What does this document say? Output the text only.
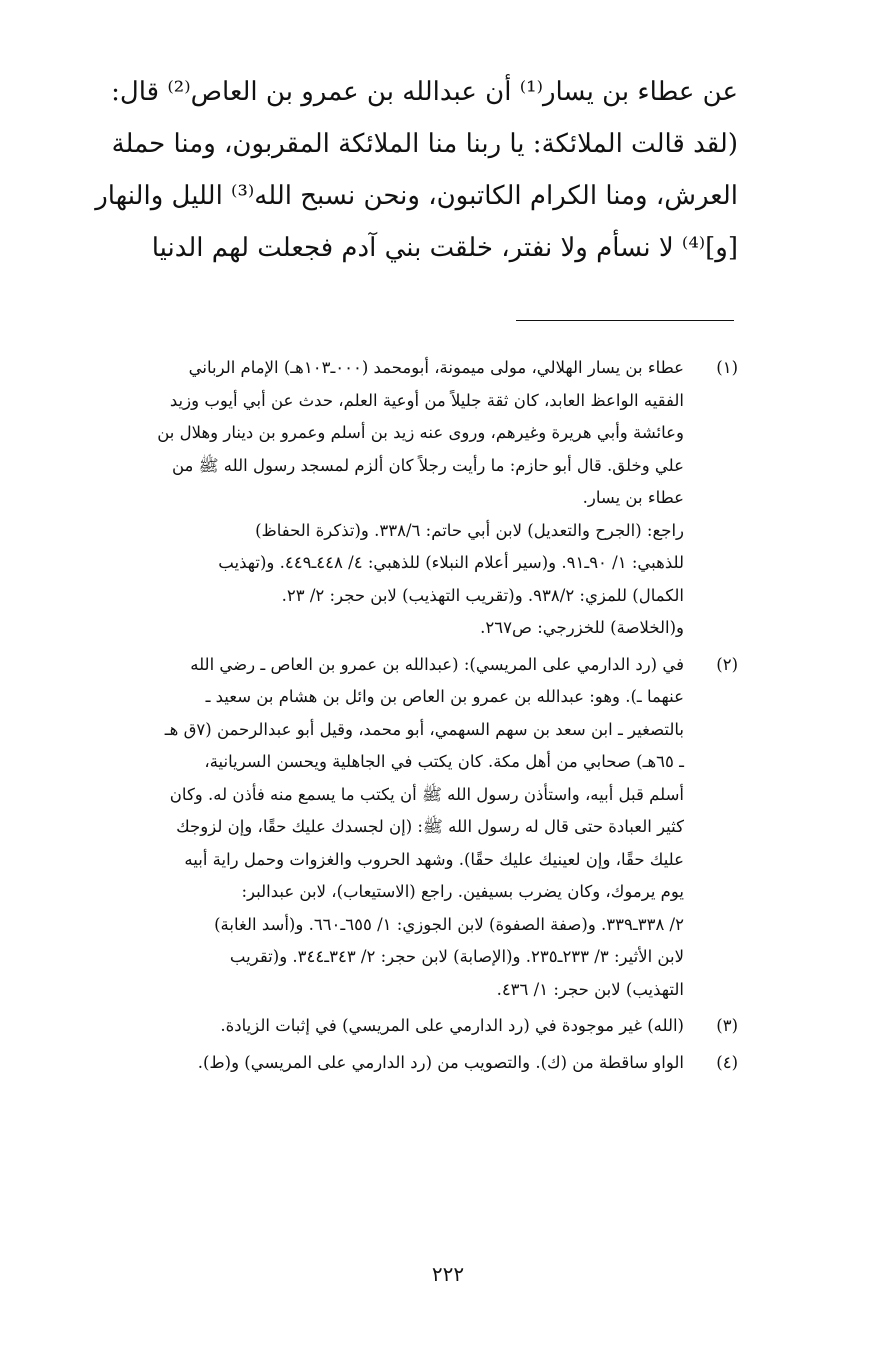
عن عطاء بن يسار⁽¹⁾ أن عبدالله بن عمرو بن العاص⁽²⁾ قال:
(لقد قالت الملائكة: يا ربنا منا الملائكة المقربون، ومنا حملة
العرش، ومنا الكرام الكاتبون، ونحن نسبح الله⁽³⁾ الليل والنهار
[و]⁽⁴⁾ لا نسأم ولا نفتر، خلقت بني آدم فجعلت لهم الدنيا
(١)
عطاء بن يسار الهلالي، مولى ميمونة، أبومحمد (٠٠٠ـ١٠٣هـ) الإمام الرباني
الفقيه الواعظ العابد، كان ثقة جليلاً من أوعية العلم، حدث عن أبي أيوب وزيد
وعائشة وأبي هريرة وغيرهم، وروى عنه زيد بن أسلم وعمرو بن دينار وهلال بن
علي وخلق. قال أبو حازم: ما رأيت رجلاً كان ألزم لمسجد رسول الله ﷺ من
عطاء بن يسار.
راجع: (الجرح والتعديل) لابن أبي حاتم: ٣٣٨/٦. و(تذكرة الحفاظ)
للذهبي: ١/ ٩٠ـ٩١. و(سير أعلام النبلاء) للذهبي: ٤/ ٤٤٨ـ٤٤٩. و(تهذيب
الكمال) للمزي: ٩٣٨/٢. و(تقريب التهذيب) لابن حجر: ٢/ ٢٣.
و(الخلاصة) للخزرجي: ص٢٦٧.
(٢)
في (رد الدارمي على المريسي): (عبدالله بن عمرو بن العاص ـ رضي الله
عنهما ـ). وهو: عبدالله بن عمرو بن العاص بن وائل بن هشام بن سعيد ـ
بالتصغير ـ ابن سعد بن سهم السهمي، أبو محمد، وقيل أبو عبدالرحمن (٧ق هـ
ـ ٦٥هـ) صحابي من أهل مكة. كان يكتب في الجاهلية ويحسن السريانية،
أسلم قبل أبيه، واستأذن رسول الله ﷺ أن يكتب ما يسمع منه فأذن له. وكان
كثير العبادة حتى قال له رسول الله ﷺ: (إن لجسدك عليك حقًا، وإن لزوجك
عليك حقًا، وإن لعينيك عليك حقًا). وشهد الحروب والغزوات وحمل راية أبيه
يوم يرموك، وكان يضرب بسيفين. راجع (الاستيعاب)، لابن عبدالبر:
٢/ ٣٣٨ـ٣٣٩. و(صفة الصفوة) لابن الجوزي: ١/ ٦٥٥ـ٦٦٠. و(أسد الغابة)
لابن الأثير: ٣/ ٢٣٣ـ٢٣٥. و(الإصابة) لابن حجر: ٢/ ٣٤٣ـ٣٤٤. و(تقريب
التهذيب) لابن حجر: ١/ ٤٣٦.
(٣)
(الله) غير موجودة في (رد الدارمي على المريسي) في إثبات الزيادة.
(٤)
الواو ساقطة من (ك). والتصويب من (رد الدارمي على المريسي) و(ط).
٢٢٢
